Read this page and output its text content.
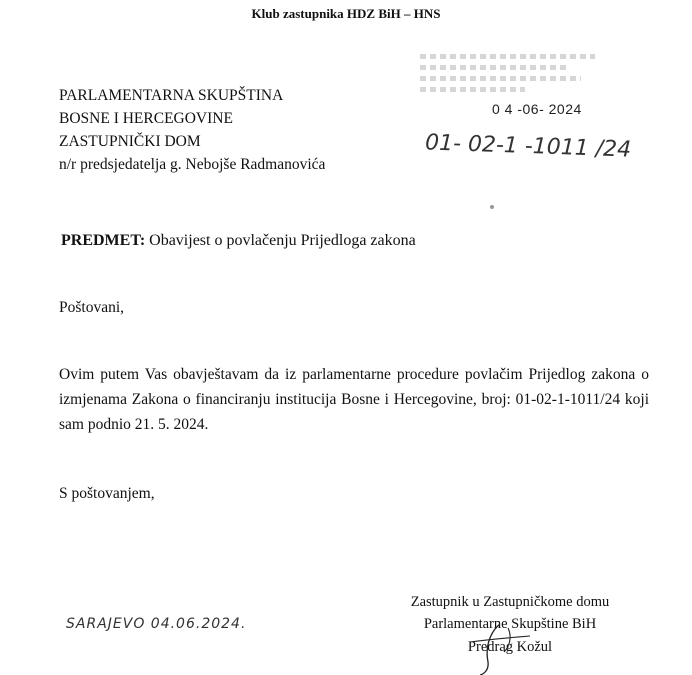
Klub zastupnika HDZ BiH – HNS
PARLAMENTARNA SKUPŠTINA
BOSNE I HERCEGOVINE
ZASTUPNIČKI DOM
n/r predsjedatelja g. Nebojše Radmanovića
0 4 -06- 2024
01- 02-1 -1011 /24
PREDMET: Obavijest o povlačenju Prijedloga zakona
Poštovani,
Ovim putem Vas obavještavam da iz parlamentarne procedure povlačim Prijedlog zakona o izmjenama Zakona o financiranju institucija Bosne i Hercegovine, broj: 01-02-1-1011/24 koji sam podnio 21. 5. 2024.
S poštovanjem,
Zastupnik u Zastupničkome domu
Parlamentarne Skupštine BiH
Predrag Kožul
SARAJEVO 04.06.2024.
